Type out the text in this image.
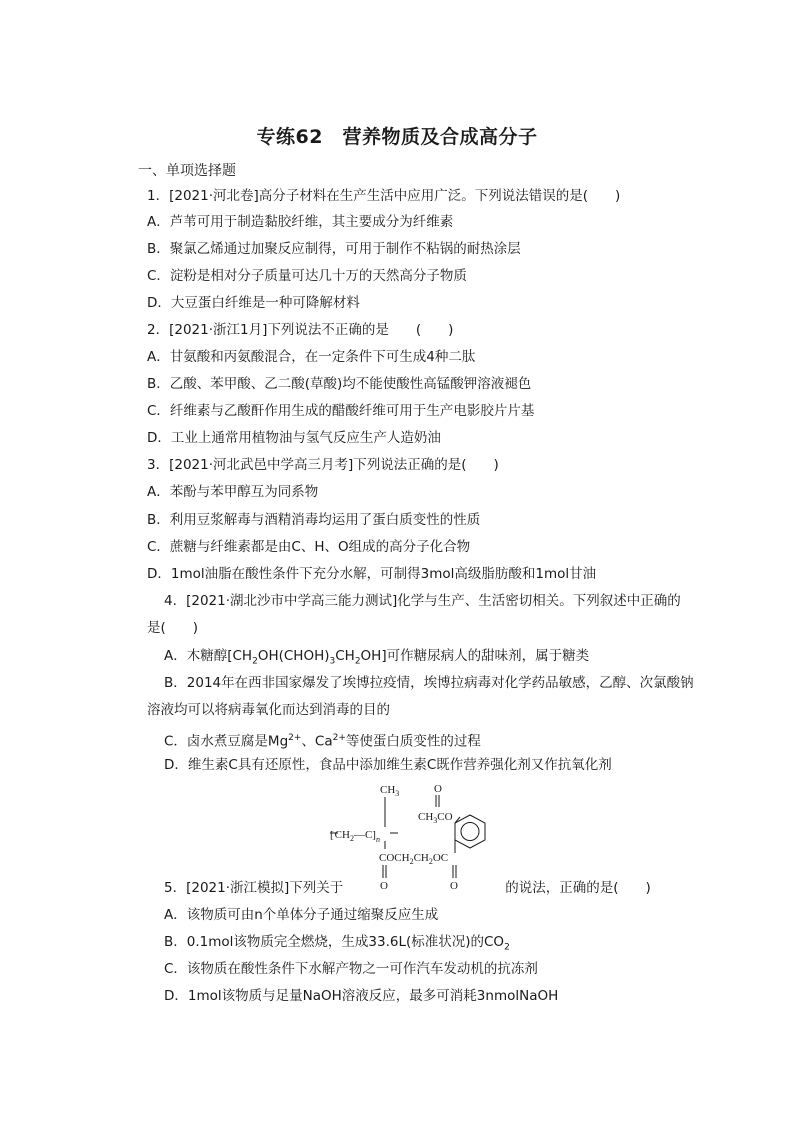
专练62　营养物质及合成高分子
一、单项选择题
1．[2021·河北卷]高分子材料在生产生活中应用广泛。下列说法错误的是(　　)
A．芦苇可用于制造黏胶纤维，其主要成分为纤维素
B．聚氯乙烯通过加聚反应制得，可用于制作不粘锅的耐热涂层
C．淀粉是相对分子质量可达几十万的天然高分子物质
D．大豆蛋白纤维是一种可降解材料
2．[2021·浙江1月]下列说法不正确的是　　(　　)
A．甘氨酸和丙氨酸混合，在一定条件下可生成4种二肽
B．乙酸、苯甲酸、乙二酸(草酸)均不能使酸性高锰酸钾溶液褪色
C．纤维素与乙酸酐作用生成的醋酸纤维可用于生产电影胶片片基
D．工业上通常用植物油与氢气反应生产人造奶油
3．[2021·河北武邑中学高三月考]下列说法正确的是(　　)
A．苯酚与苯甲醇互为同系物
B．利用豆浆解毒与酒精消毒均运用了蛋白质变性的性质
C．蔗糖与纤维素都是由C、H、O组成的高分子化合物
D．1mol油脂在酸性条件下充分水解，可制得3mol高级脂肪酸和1mol甘油
4．[2021·湖北沙市中学高三能力测试]化学与生产、生活密切相关。下列叙述中正确的
是(　　)
A．木糖醇$[CH_2OH(CHOH)_3CH_2OH]$可作糖尿病人的甜味剂，属于糖类
B．2014年在西非国家爆发了埃博拉疫情，埃博拉病毒对化学药品敏感，乙醇、次氯酸钠
溶液均可以将病毒氧化而达到消毒的目的
C．卤水煮豆腐是$Mg^{2+}$、$Ca^{2+}$等使蛋白质变性的过程
D．维生素C具有还原性，食品中添加维生素C既作营养强化剂又作抗氧化剂
$CH_3$
$[CH_2—C]_n$
$COCH_2CH_2OC$
O	O
O
$CH_3CO$
5．[2021·浙江模拟]下列关于	的说法，正确的是(　　)
A．该物质可由n个单体分子通过缩聚反应生成
B．0.1mol该物质完全燃烧，生成33.6L(标准状况)的$CO_2$
C．该物质在酸性条件下水解产物之一可作汽车发动机的抗冻剂
D．1mol该物质与足量NaOH溶液反应，最多可消耗3nmolNaOH
